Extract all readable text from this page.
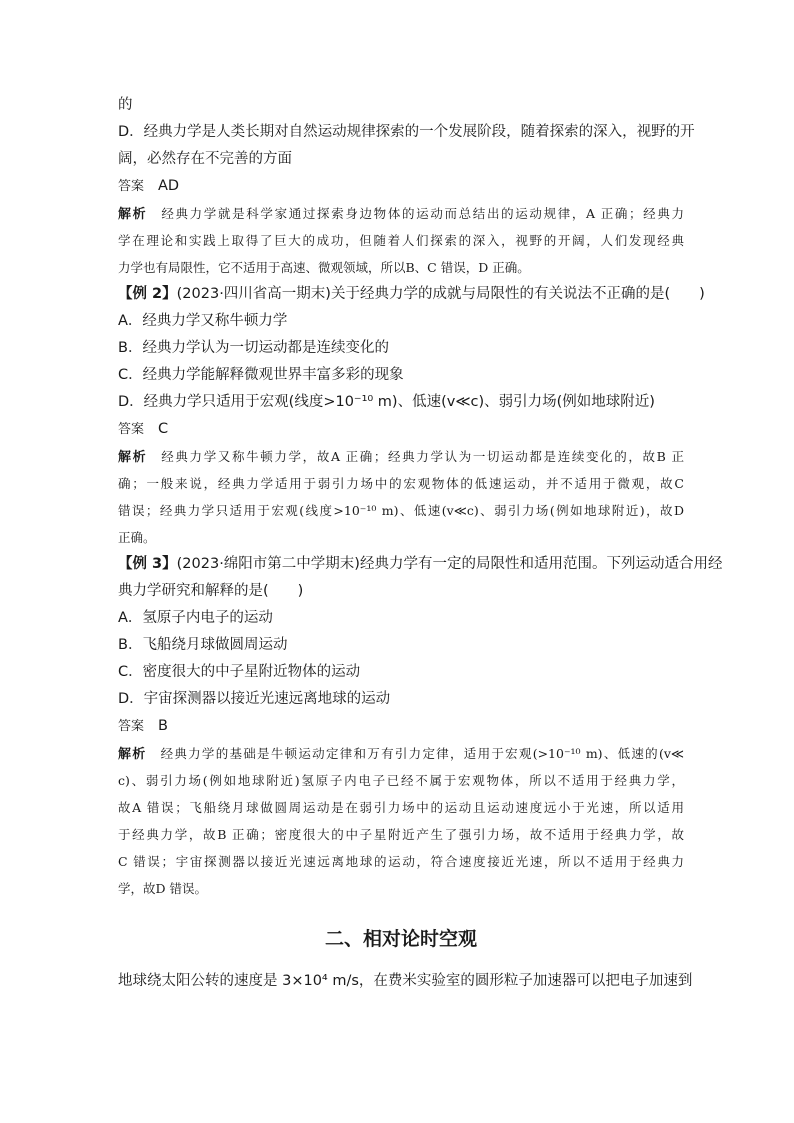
的
D．经典力学是人类长期对自然运动规律探索的一个发展阶段，随着探索的深入，视野的开
阔，必然存在不完善的方面
答案 AD
解析 经典力学就是科学家通过探索身边物体的运动而总结出的运动规律，A 正确；经典力
学在理论和实践上取得了巨大的成功，但随着人们探索的深入，视野的开阔，人们发现经典
力学也有局限性，它不适用于高速、微观领域，所以B、C 错误，D 正确。
【例 2】(2023·四川省高一期末)关于经典力学的成就与局限性的有关说法不正确的是(　　)
A．经典力学又称牛顿力学
B．经典力学认为一切运动都是连续变化的
C．经典力学能解释微观世界丰富多彩的现象
D．经典力学只适用于宏观(线度>10⁻¹⁰ m)、低速(v≪c)、弱引力场(例如地球附近)
答案 C
解析 经典力学又称牛顿力学，故A 正确；经典力学认为一切运动都是连续变化的，故B 正
确；一般来说，经典力学适用于弱引力场中的宏观物体的低速运动，并不适用于微观，故C
错误；经典力学只适用于宏观(线度>10⁻¹⁰ m)、低速(v≪c)、弱引力场(例如地球附近)，故D
正确。
【例 3】(2023·绵阳市第二中学期末)经典力学有一定的局限性和适用范围。下列运动适合用经
典力学研究和解释的是(　　)
A．氢原子内电子的运动
B．飞船绕月球做圆周运动
C．密度很大的中子星附近物体的运动
D．宇宙探测器以接近光速远离地球的运动
答案 B
解析 经典力学的基础是牛顿运动定律和万有引力定律，适用于宏观(>10⁻¹⁰ m)、低速的(v≪
c)、弱引力场(例如地球附近)氢原子内电子已经不属于宏观物体，所以不适用于经典力学，
故A 错误；飞船绕月球做圆周运动是在弱引力场中的运动且运动速度远小于光速，所以适用
于经典力学，故B 正确；密度很大的中子星附近产生了强引力场，故不适用于经典力学，故
C 错误；宇宙探测器以接近光速远离地球的运动，符合速度接近光速，所以不适用于经典力
学，故D 错误。
二、相对论时空观
地球绕太阳公转的速度是 3×10⁴ m/s，在费米实验室的圆形粒子加速器可以把电子加速到
